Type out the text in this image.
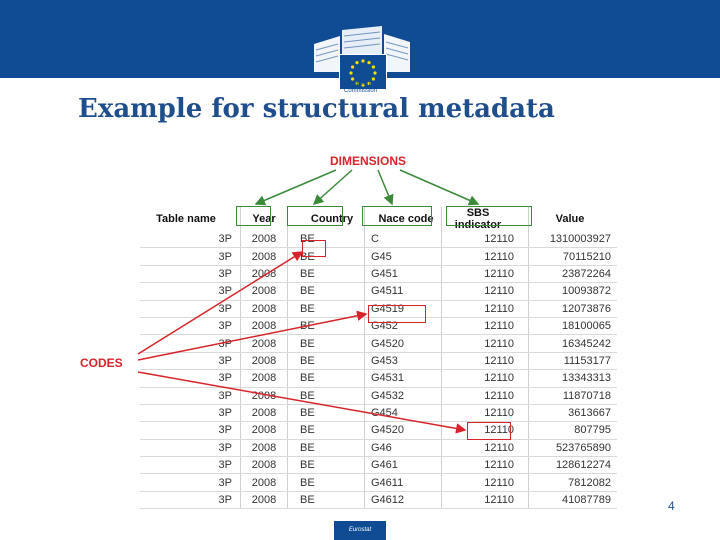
European
Commission
Example for structural metadata
DIMENSIONS
CODES
Table name	Year	Country	Nace code	SBS indicator	Value
3P	2008	BE	C	12110	1310003927
3P	2008	BE	G45	12110	70115210
3P	2008	BE	G451	12110	23872264
3P	2008	BE	G4511	12110	10093872
3P	2008	BE	G4519	12110	12073876
3P	2008	BE	G452	12110	18100065
3P	2008	BE	G4520	12110	16345242
3P	2008	BE	G453	12110	11153177
3P	2008	BE	G4531	12110	13343313
3P	2008	BE	G4532	12110	11870718
3P	2008	BE	G454	12110	3613667
3P	2008	BE	G4520	12110	807795
3P	2008	BE	G46	12110	523765890
3P	2008	BE	G461	12110	128612274
3P	2008	BE	G4611	12110	7812082
3P	2008	BE	G4612	12110	41087789	4
Eurostat
